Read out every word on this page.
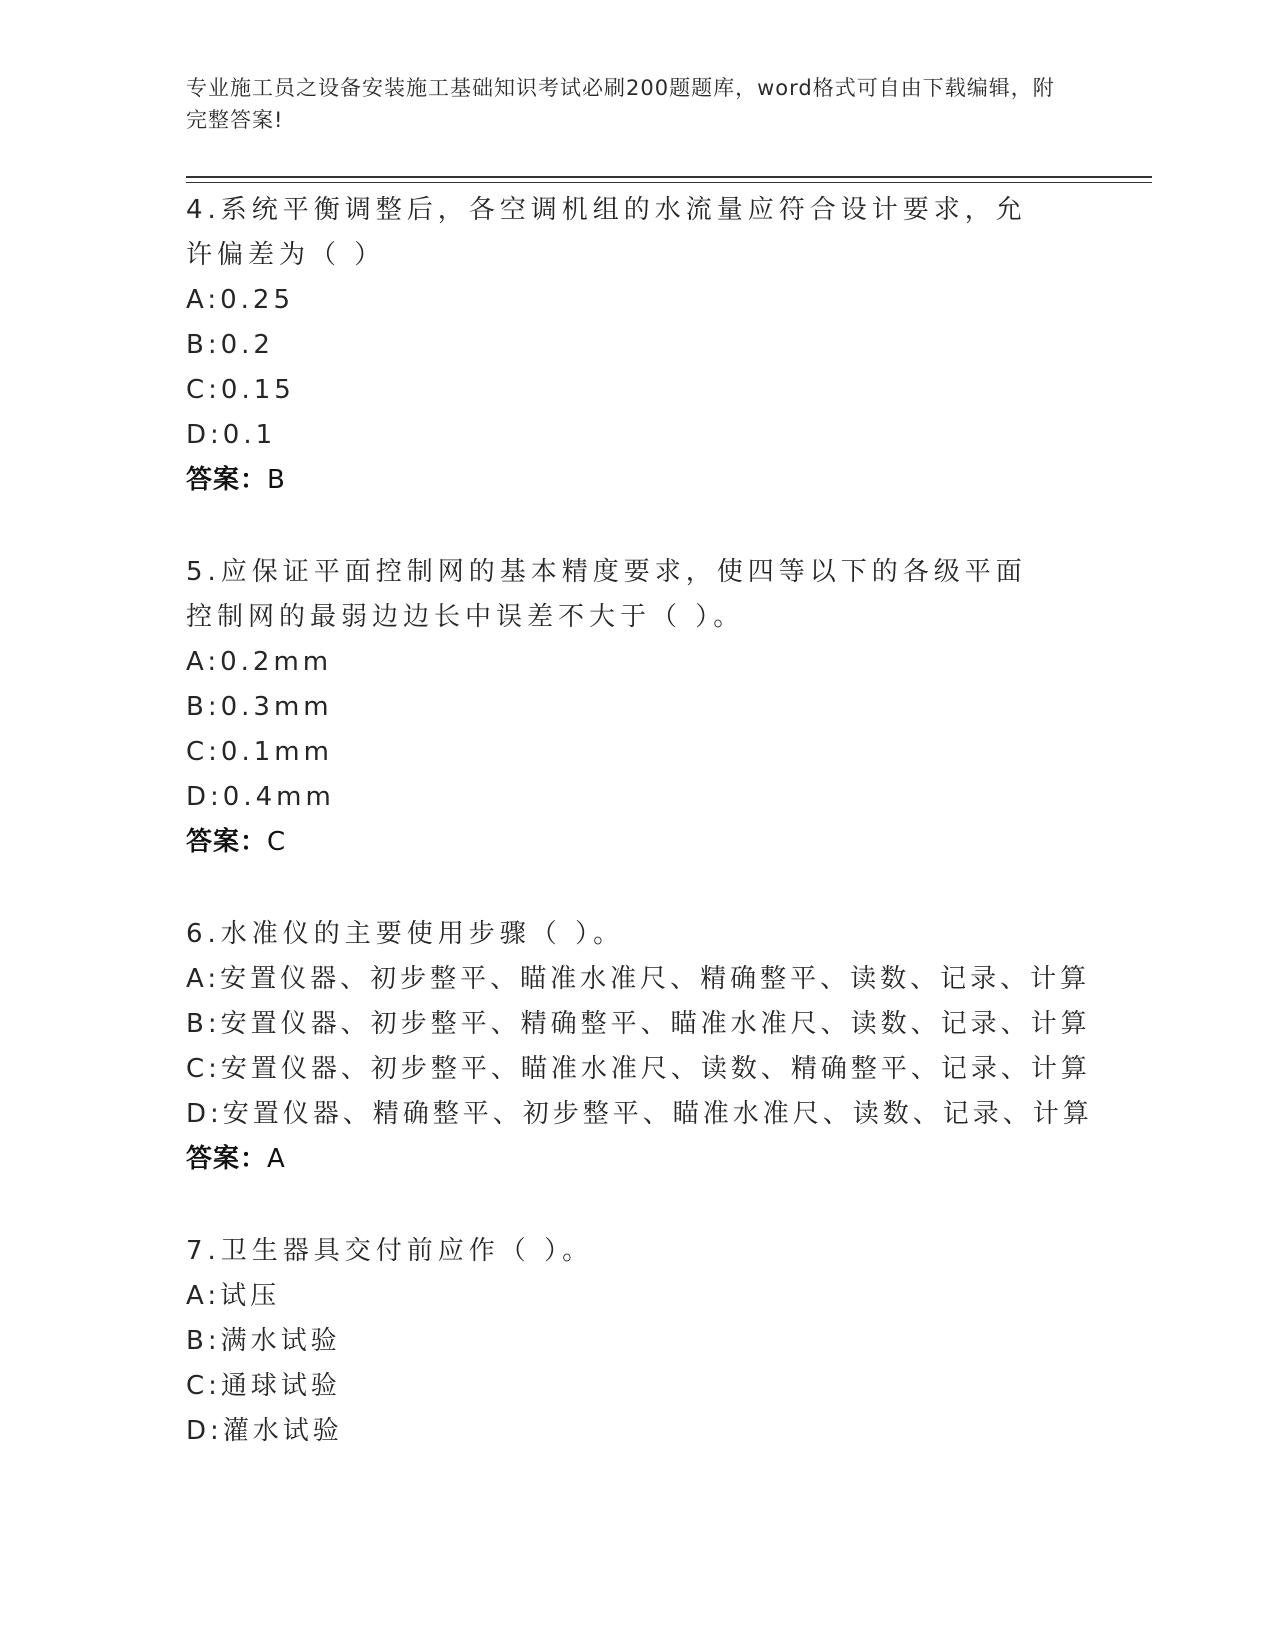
专业施工员之设备安装施工基础知识考试必刷200题题库，word格式可自由下载编辑，附完整答案!
4.系统平衡调整后，各空调机组的水流量应符合设计要求，允许偏差为（ ）
A:0.25
B:0.2
C:0.15
D:0.1
答案：B
5.应保证平面控制网的基本精度要求，使四等以下的各级平面控制网的最弱边边长中误差不大于（ ）。
A:0.2mm
B:0.3mm
C:0.1mm
D:0.4mm
答案：C
6.水准仪的主要使用步骤（ ）。
A:安置仪器、初步整平、瞄准水准尺、精确整平、读数、记录、计算
B:安置仪器、初步整平、精确整平、瞄准水准尺、读数、记录、计算
C:安置仪器、初步整平、瞄准水准尺、读数、精确整平、记录、计算
D:安置仪器、精确整平、初步整平、瞄准水准尺、读数、记录、计算
答案：A
7.卫生器具交付前应作（ ）。
A:试压
B:满水试验
C:通球试验
D:灌水试验
